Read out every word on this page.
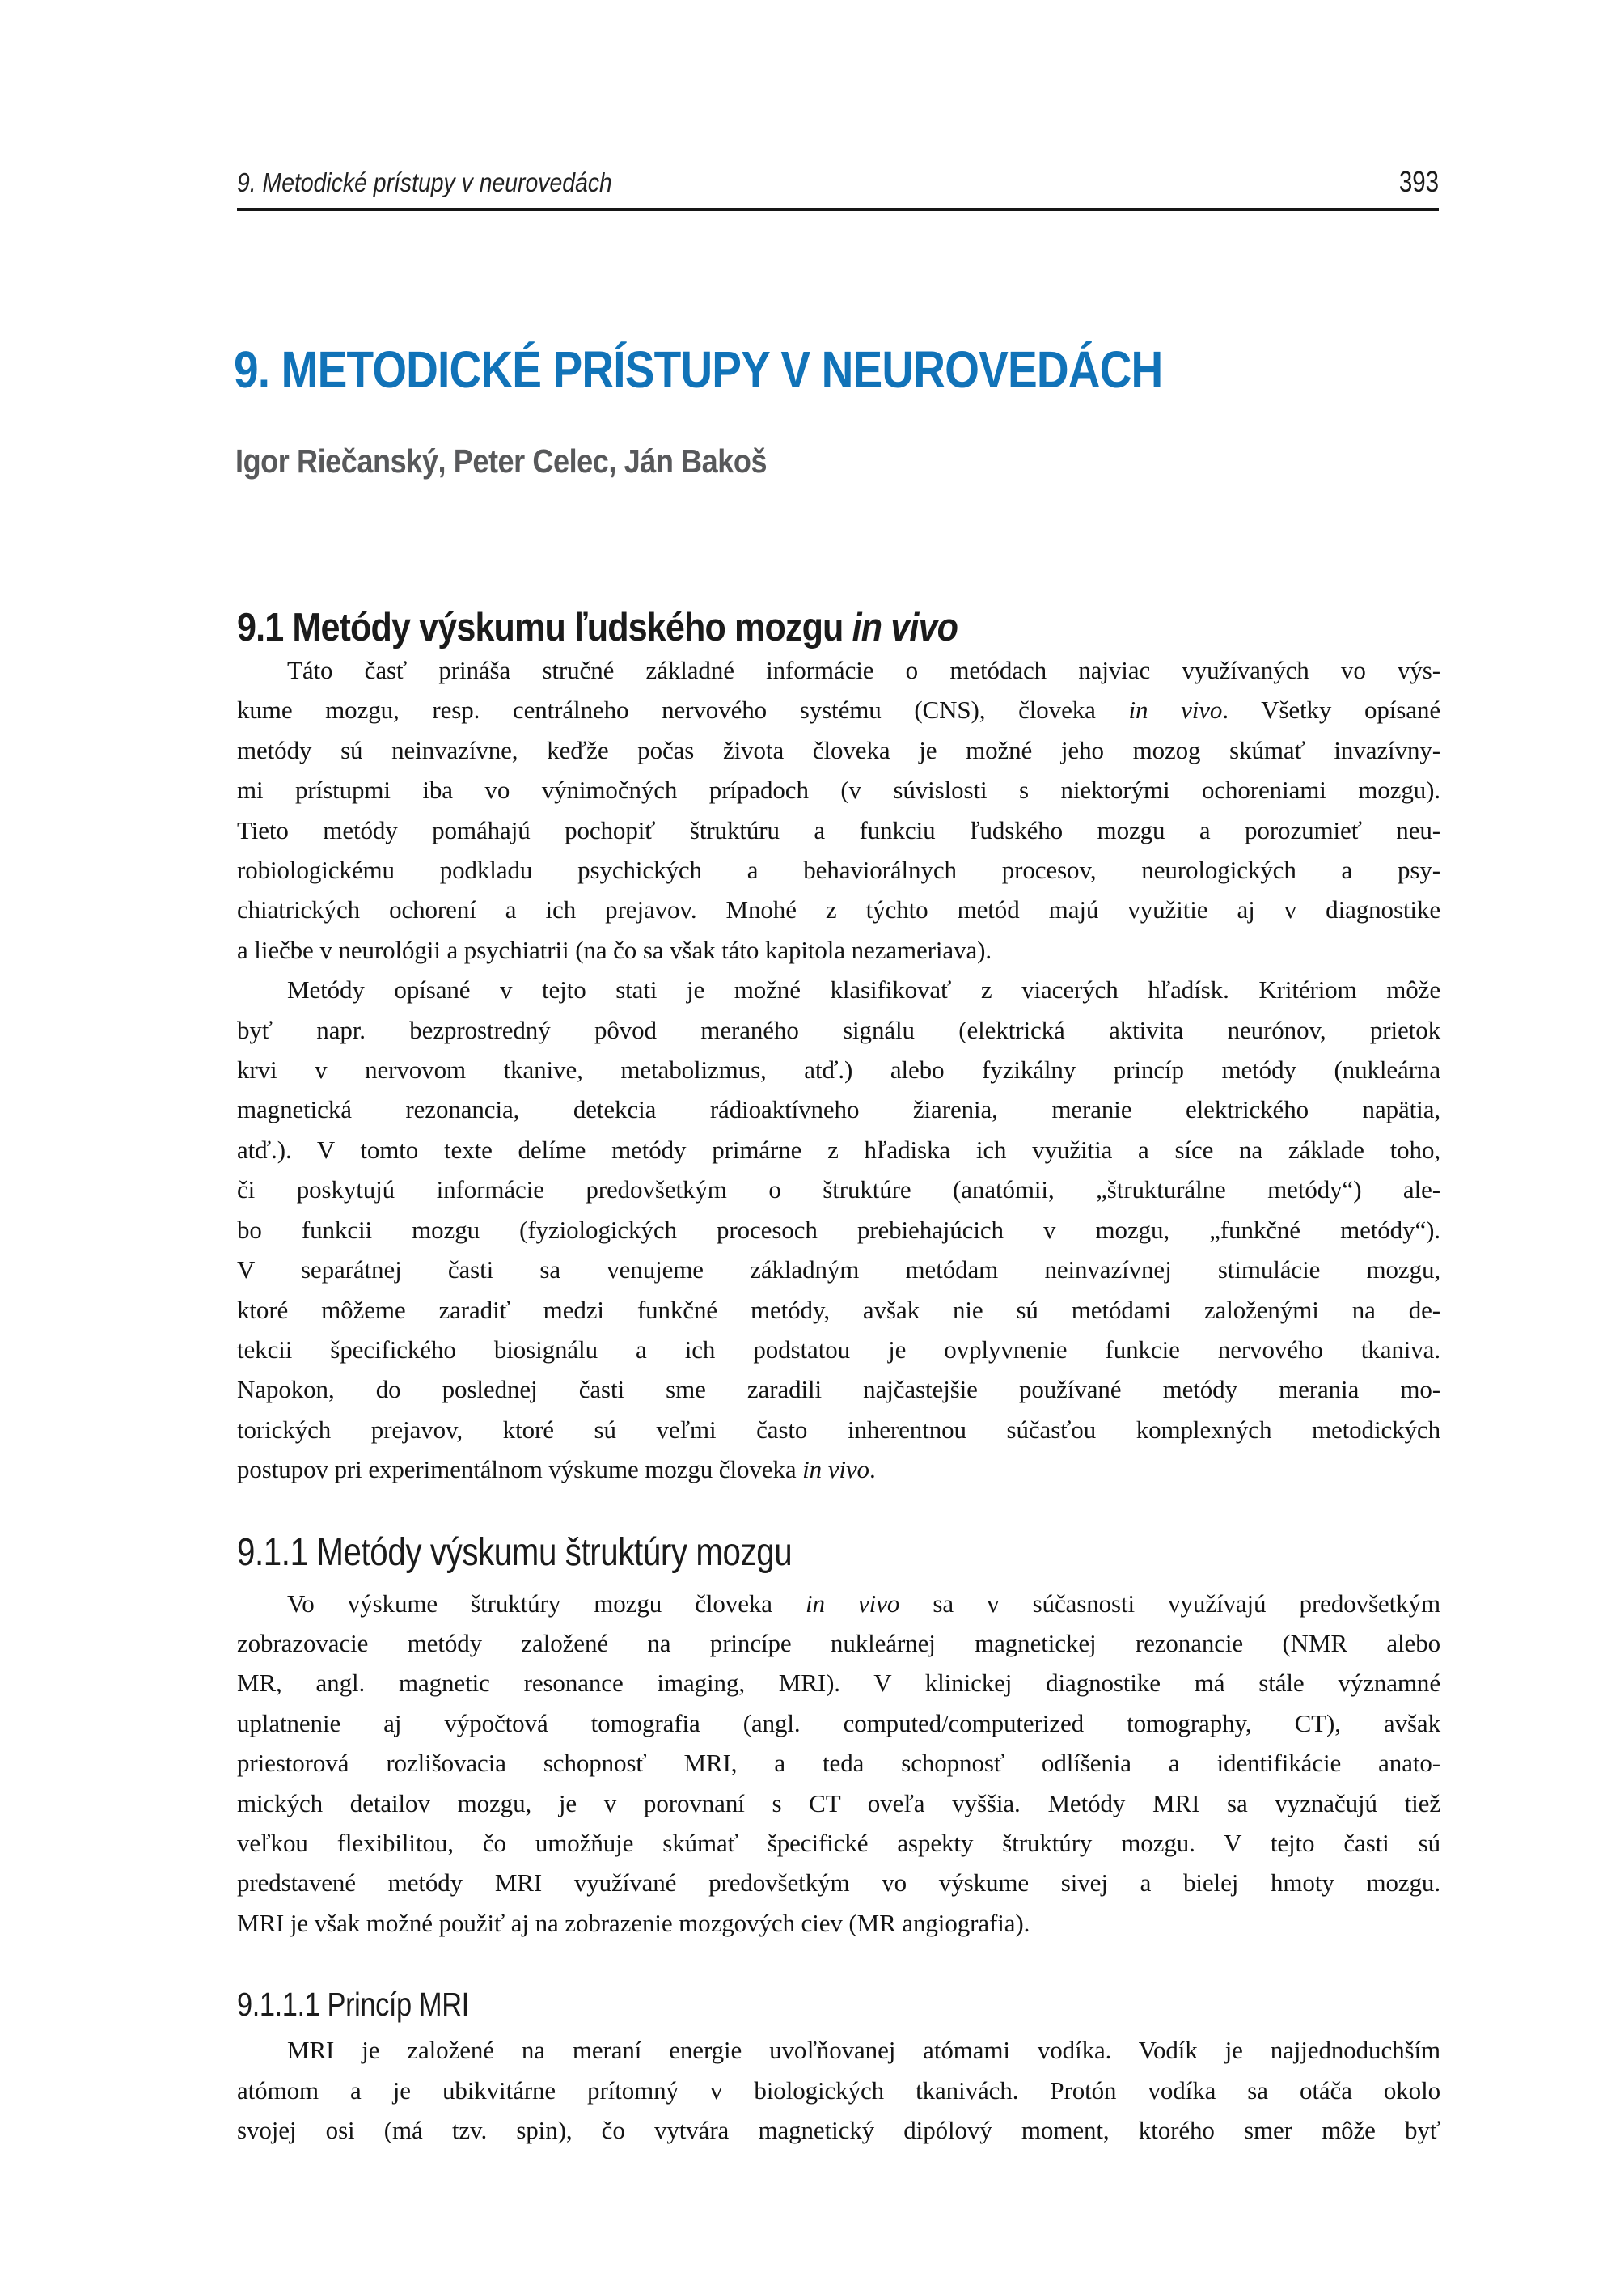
9. Metodické prístupy v neurovedách	393
9. METODICKÉ PRÍSTUPY V NEUROVEDÁCH
Igor Riečanský, Peter Celec, Ján Bakoš
9.1 Metódy výskumu ľudského mozgu in vivo
Táto časť prináša stručné základné informácie o metódach najviac využívaných vo výs-
kume mozgu, resp. centrálneho nervového systému (CNS), človeka in vivo. Všetky opísané
metódy sú neinvazívne, keďže počas života človeka je možné jeho mozog skúmať invazívny-
mi prístupmi iba vo výnimočných prípadoch (v súvislosti s niektorými ochoreniami mozgu).
Tieto metódy pomáhajú pochopiť štruktúru a funkciu ľudského mozgu a porozumieť neu-
robiologickému podkladu psychických a behaviorálnych procesov, neurologických a psy-
chiatrických ochorení a ich prejavov. Mnohé z týchto metód majú využitie aj v diagnostike
a liečbe v neurológii a psychiatrii (na čo sa však táto kapitola nezameriava).
Metódy opísané v tejto stati je možné klasifikovať z viacerých hľadísk. Kritériom môže
byť napr. bezprostredný pôvod meraného signálu (elektrická aktivita neurónov, prietok
krvi v nervovom tkanive, metabolizmus, atď.) alebo fyzikálny princíp metódy (nukleárna
magnetická rezonancia, detekcia rádioaktívneho žiarenia, meranie elektrického napätia,
atď.). V tomto texte delíme metódy primárne z hľadiska ich využitia a síce na základe toho,
či poskytujú informácie predovšetkým o štruktúre (anatómii, „štrukturálne metódy“) ale-
bo funkcii mozgu (fyziologických procesoch prebiehajúcich v mozgu, „funkčné metódy“).
V separátnej časti sa venujeme základným metódam neinvazívnej stimulácie mozgu,
ktoré môžeme zaradiť medzi funkčné metódy, avšak nie sú metódami založenými na de-
tekcii špecifického biosignálu a ich podstatou je ovplyvnenie funkcie nervového tkaniva.
Napokon, do poslednej časti sme zaradili najčastejšie používané metódy merania mo-
torických prejavov, ktoré sú veľmi často inherentnou súčasťou komplexných metodických
postupov pri experimentálnom výskume mozgu človeka in vivo.
9.1.1 Metódy výskumu štruktúry mozgu
Vo výskume štruktúry mozgu človeka in vivo sa v súčasnosti využívajú predovšetkým
zobrazovacie metódy založené na princípe nukleárnej magnetickej rezonancie (NMR alebo
MR, angl. magnetic resonance imaging, MRI). V klinickej diagnostike má stále významné
uplatnenie aj výpočtová tomografia (angl. computed/computerized tomography, CT), avšak
priestorová rozlišovacia schopnosť MRI, a teda schopnosť odlíšenia a identifikácie anato-
mických detailov mozgu, je v porovnaní s CT oveľa vyššia. Metódy MRI sa vyznačujú tiež
veľkou flexibilitou, čo umožňuje skúmať špecifické aspekty štruktúry mozgu. V tejto časti sú
predstavené metódy MRI využívané predovšetkým vo výskume sivej a bielej hmoty mozgu.
MRI je však možné použiť aj na zobrazenie mozgových ciev (MR angiografia).
9.1.1.1 Princíp MRI
MRI je založené na meraní energie uvoľňovanej atómami vodíka. Vodík je najjednoduchším
atómom a je ubikvitárne prítomný v biologických tkanivách. Protón vodíka sa otáča okolo
svojej osi (má tzv. spin), čo vytvára magnetický dipólový moment, ktorého smer môže byť
